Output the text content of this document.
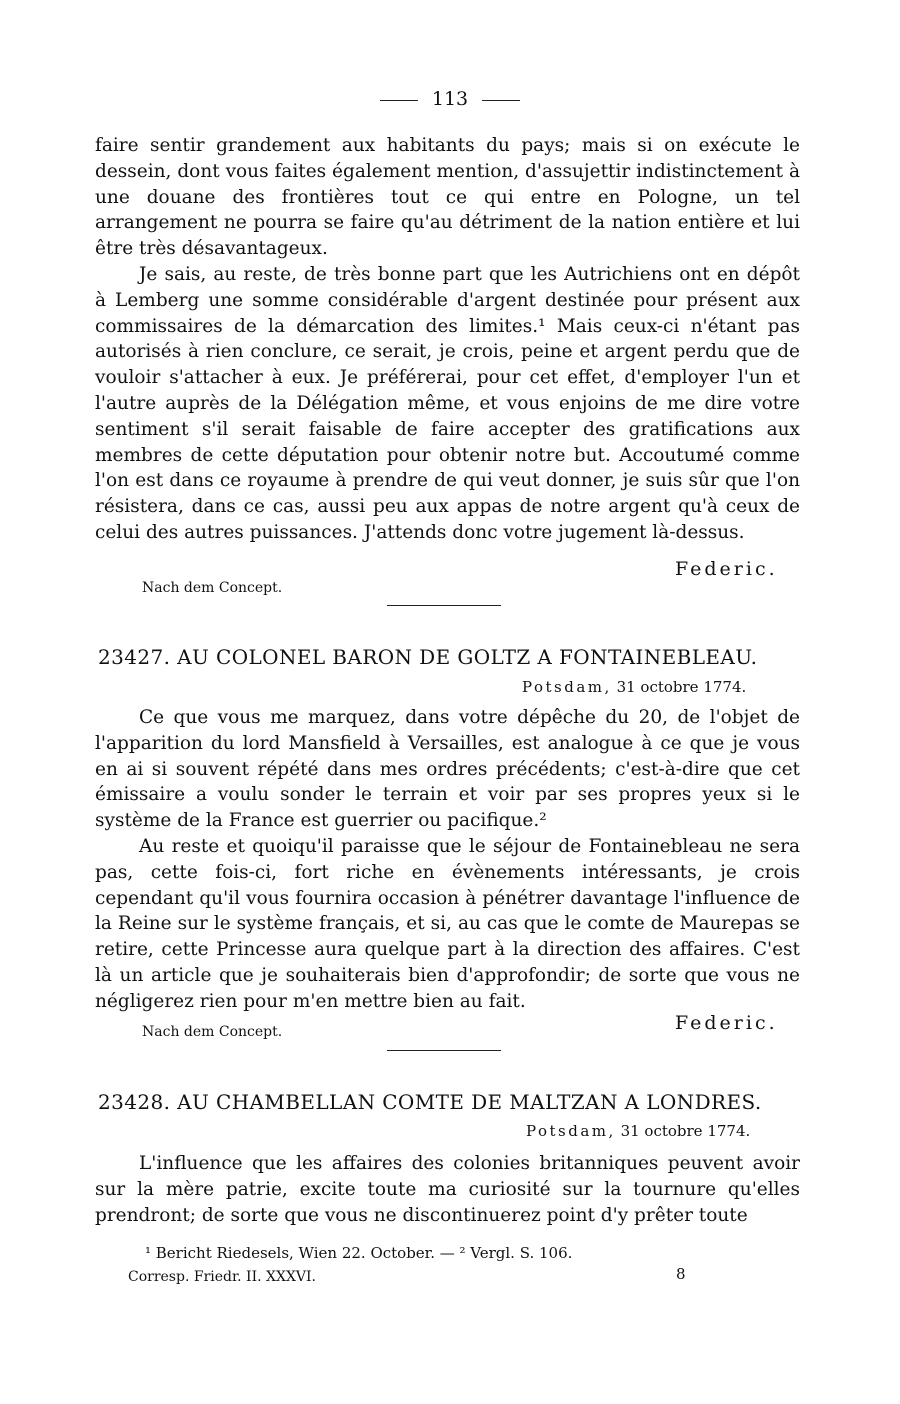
113

faire sentir grandement aux habitants du pays; mais si on exécute le dessein, dont vous faites également mention, d'assujettir indistinctement à une douane des frontières tout ce qui entre en Pologne, un tel arrangement ne pourra se faire qu'au détriment de la nation entière et lui être très désavantageux.

Je sais, au reste, de très bonne part que les Autrichiens ont en dépôt à Lemberg une somme considérable d'argent destinée pour présent aux commissaires de la démarcation des limites.¹ Mais ceux-ci n'étant pas autorisés à rien conclure, ce serait, je crois, peine et argent perdu que de vouloir s'attacher à eux. Je préférerai, pour cet effet, d'employer l'un et l'autre auprès de la Délégation même, et vous enjoins de me dire votre sentiment s'il serait faisable de faire accepter des gratifications aux membres de cette députation pour obtenir notre but. Accoutumé comme l'on est dans ce royaume à prendre de qui veut donner, je suis sûr que l'on résistera, dans ce cas, aussi peu aux appas de notre argent qu'à ceux de celui des autres puissances. J'attends donc votre jugement là-dessus.

Federic.
Nach dem Concept.
23427. AU COLONEL BARON DE GOLTZ A FONTAINEBLEAU.
Potsdam, 31 octobre 1774.

Ce que vous me marquez, dans votre dépêche du 20, de l'objet de l'apparition du lord Mansfield à Versailles, est analogue à ce que je vous en ai si souvent répété dans mes ordres précédents; c'est-à-dire que cet émissaire a voulu sonder le terrain et voir par ses propres yeux si le système de la France est guerrier ou pacifique.²

Au reste et quoiqu'il paraisse que le séjour de Fontainebleau ne sera pas, cette fois-ci, fort riche en évènements intéressants, je crois cependant qu'il vous fournira occasion à pénétrer davantage l'influence de la Reine sur le système français, et si, au cas que le comte de Maurepas se retire, cette Princesse aura quelque part à la direction des affaires. C'est là un article que je souhaiterais bien d'approfondir; de sorte que vous ne négligerez rien pour m'en mettre bien au fait.

Federic.
Nach dem Concept.
23428. AU CHAMBELLAN COMTE DE MALTZAN A LONDRES.
Potsdam, 31 octobre 1774.

L'influence que les affaires des colonies britanniques peuvent avoir sur la mère patrie, excite toute ma curiosité sur la tournure qu'elles prendront; de sorte que vous ne discontinuerez point d'y prêter toute

¹ Bericht Riedesels, Wien 22. October. — ² Vergl. S. 106.
Corresp. Friedr. II. XXXVI.	8
